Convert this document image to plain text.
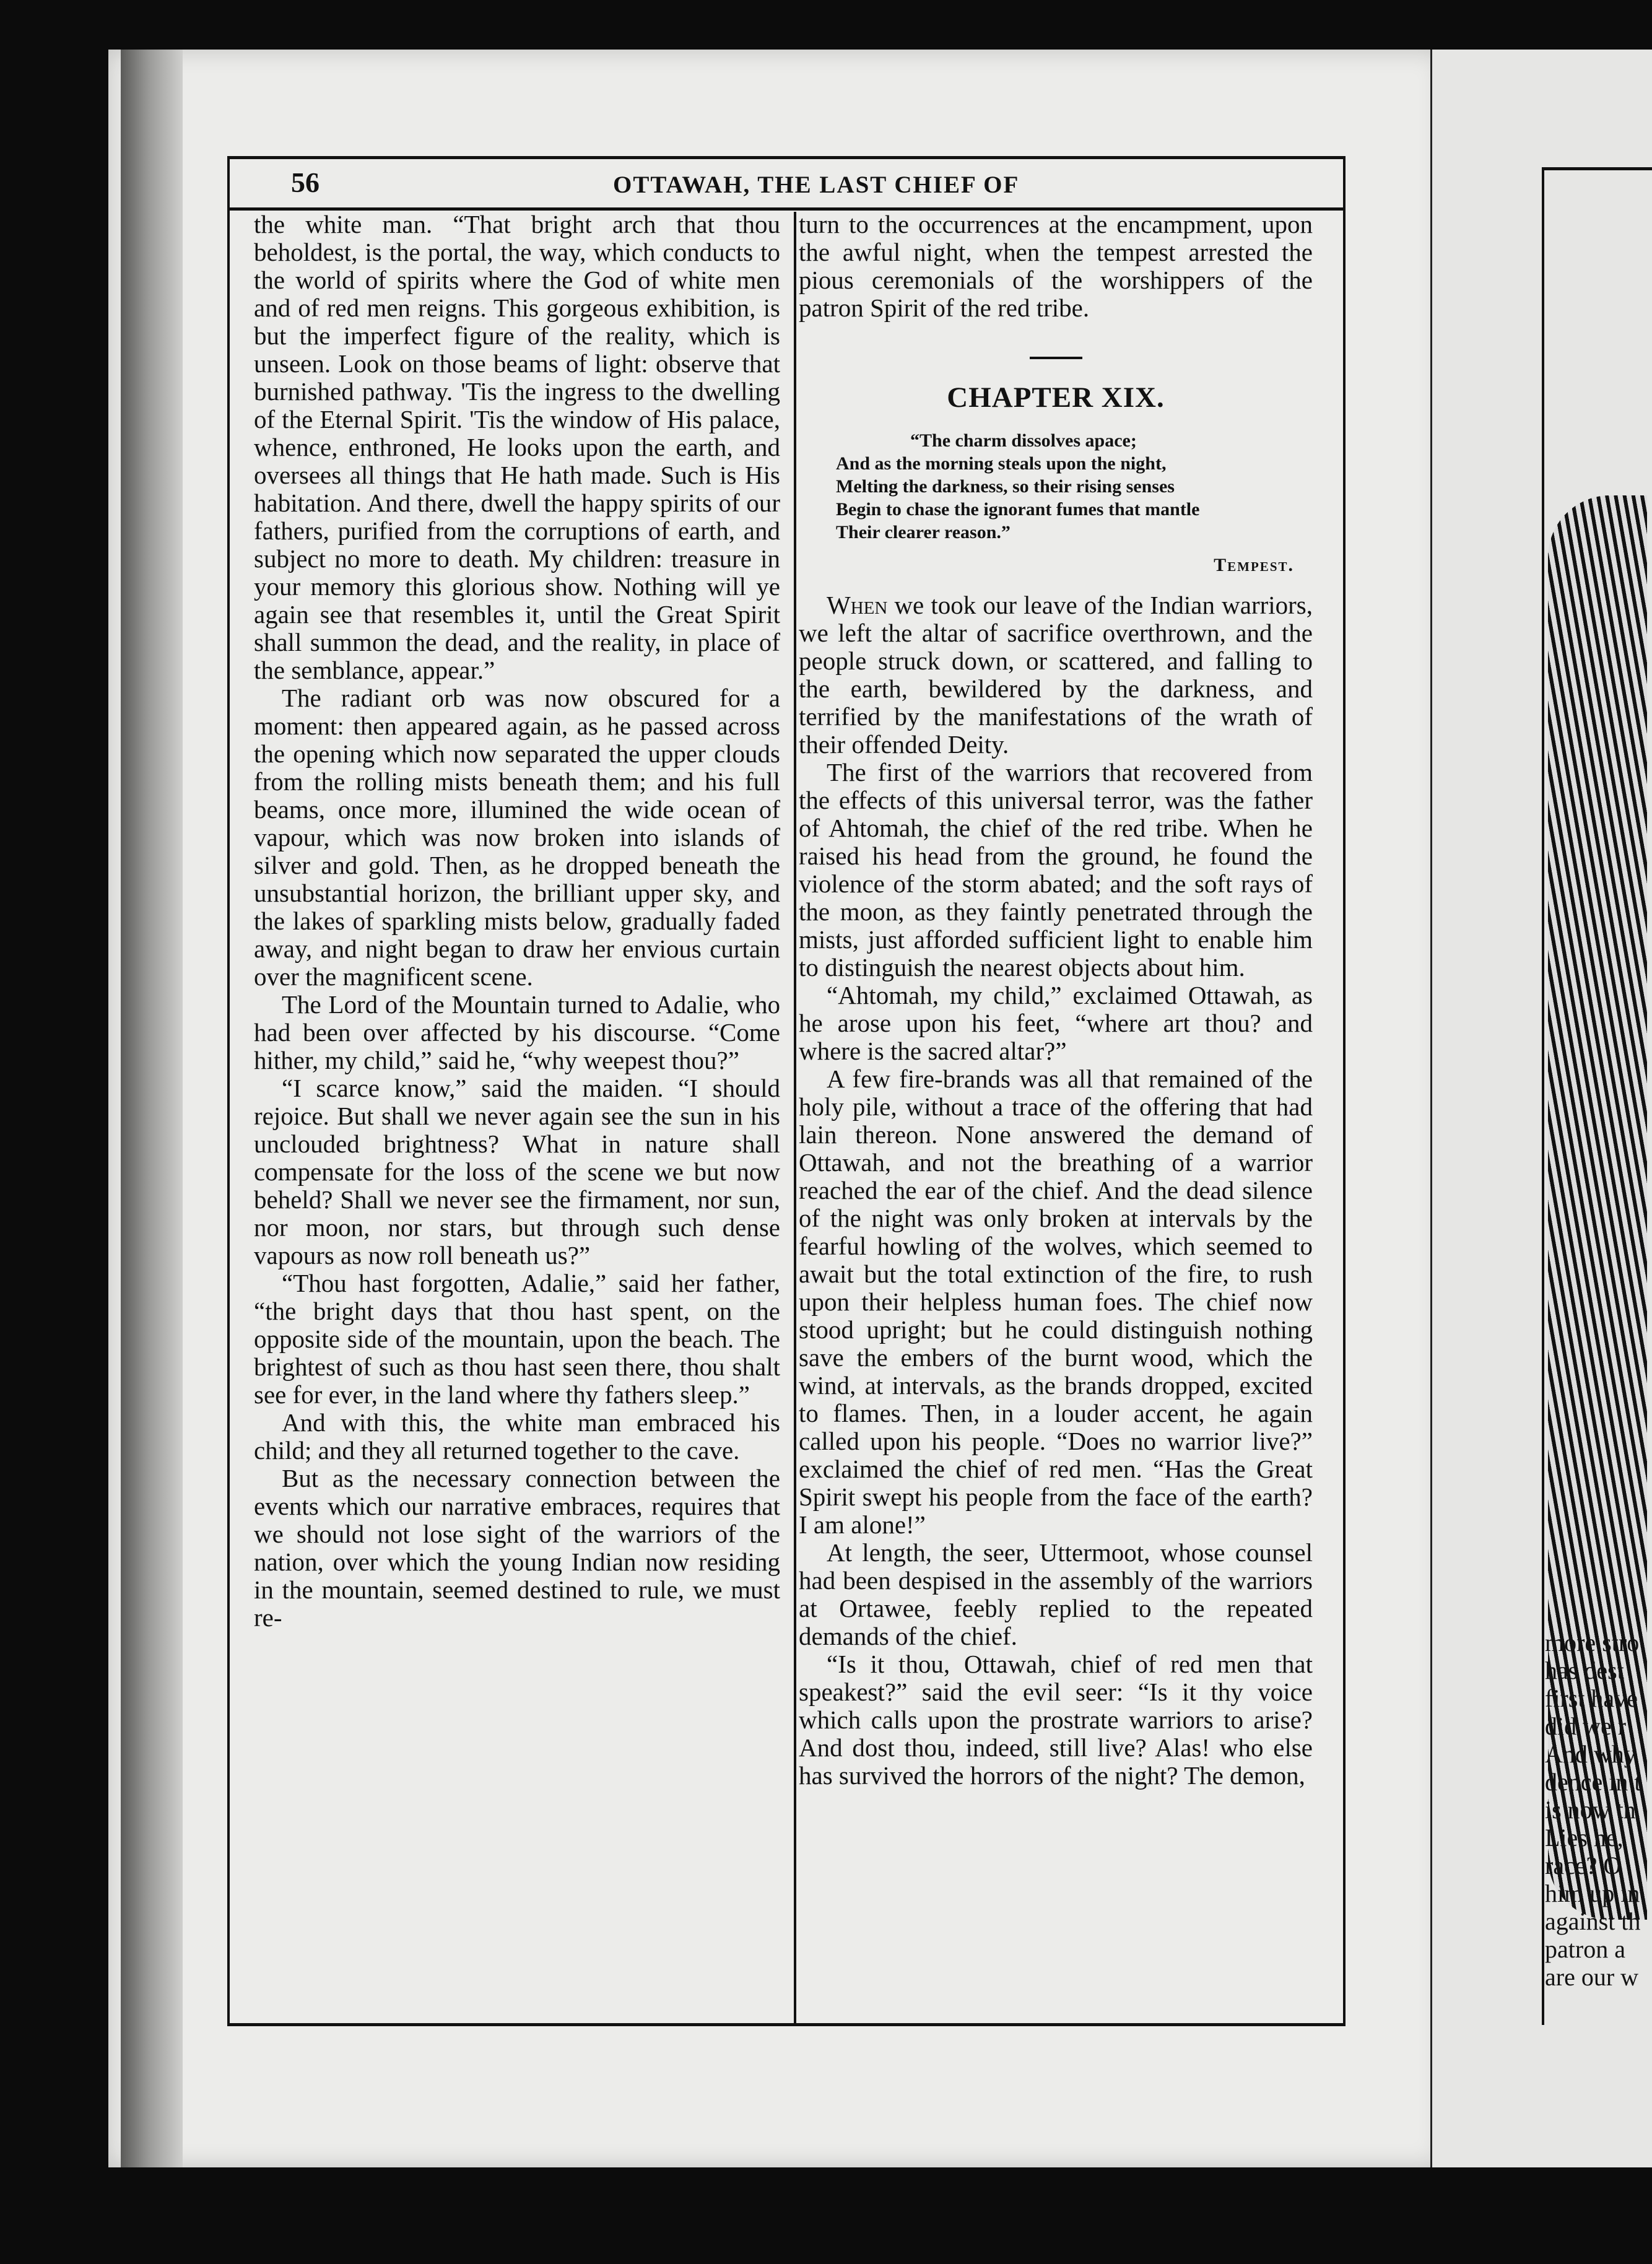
more stro
has dest
first have
did we r
And why
dence in t
is now th
Lies he,
race? O
him up in
against th
patron a
are our w
56	OTTAWAH, THE LAST CHIEF OF

the white man. “That bright arch that thou beholdest, is the portal, the way, which conducts to the world of spirits where the God of white men and of red men reigns. This gorgeous exhibition, is but the imperfect figure of the reality, which is unseen. Look on those beams of light: observe that burnished pathway. 'Tis the ingress to the dwelling of the Eternal Spirit. 'Tis the window of His palace, whence, enthroned, He looks upon the earth, and oversees all things that He hath made. Such is His habitation. And there, dwell the happy spirits of our fathers, purified from the corruptions of earth, and subject no more to death. My children: treasure in your memory this glorious show. Nothing will ye again see that resembles it, until the Great Spirit shall summon the dead, and the reality, in place of the semblance, appear.”

The radiant orb was now obscured for a moment: then appeared again, as he passed across the opening which now separated the upper clouds from the rolling mists beneath them; and his full beams, once more, illumined the wide ocean of vapour, which was now broken into islands of silver and gold. Then, as he dropped beneath the unsubstantial horizon, the brilliant upper sky, and the lakes of sparkling mists below, gradually faded away, and night began to draw her envious curtain over the magnificent scene.

The Lord of the Mountain turned to Adalie, who had been over affected by his discourse. “Come hither, my child,” said he, “why weepest thou?”

“I scarce know,” said the maiden. “I should rejoice. But shall we never again see the sun in his unclouded brightness? What in nature shall compensate for the loss of the scene we but now beheld? Shall we never see the firmament, nor sun, nor moon, nor stars, but through such dense vapours as now roll beneath us?”

“Thou hast forgotten, Adalie,” said her father, “the bright days that thou hast spent, on the opposite side of the mountain, upon the beach. The brightest of such as thou hast seen there, thou shalt see for ever, in the land where thy fathers sleep.”

And with this, the white man embraced his child; and they all returned together to the cave.

But as the necessary connection between the events which our narrative embraces, requires that we should not lose sight of the warriors of the nation, over which the young Indian now residing in the mountain, seemed destined to rule, we must re-

turn to the occurrences at the encampment, upon the awful night, when the tempest arrested the pious ceremonials of the worshippers of the patron Spirit of the red tribe.

CHAPTER XIX.
“The charm dissolves apace;
And as the morning steals upon the night,
Melting the darkness, so their rising senses
Begin to chase the ignorant fumes that mantle
Their clearer reason.”
Tempest.

When we took our leave of the Indian warriors, we left the altar of sacrifice overthrown, and the people struck down, or scattered, and falling to the earth, bewildered by the darkness, and terrified by the manifestations of the wrath of their offended Deity.

The first of the warriors that recovered from the effects of this universal terror, was the father of Ahtomah, the chief of the red tribe. When he raised his head from the ground, he found the violence of the storm abated; and the soft rays of the moon, as they faintly penetrated through the mists, just afforded sufficient light to enable him to distinguish the nearest objects about him.

“Ahtomah, my child,” exclaimed Ottawah, as he arose upon his feet, “where art thou? and where is the sacred altar?”

A few fire-brands was all that remained of the holy pile, without a trace of the offering that had lain thereon. None answered the demand of Ottawah, and not the breathing of a warrior reached the ear of the chief. And the dead silence of the night was only broken at intervals by the fearful howling of the wolves, which seemed to await but the total extinction of the fire, to rush upon their helpless human foes. The chief now stood upright; but he could distinguish nothing save the embers of the burnt wood, which the wind, at intervals, as the brands dropped, excited to flames. Then, in a louder accent, he again called upon his people. “Does no warrior live?” exclaimed the chief of red men. “Has the Great Spirit swept his people from the face of the earth? I am alone!”

At length, the seer, Uttermoot, whose counsel had been despised in the assembly of the warriors at Ortawee, feebly replied to the repeated demands of the chief.

“Is it thou, Ottawah, chief of red men that speakest?” said the evil seer: “Is it thy voice which calls upon the prostrate warriors to arise? And dost thou, indeed, still live? Alas! who else has survived the horrors of the night? The demon,
